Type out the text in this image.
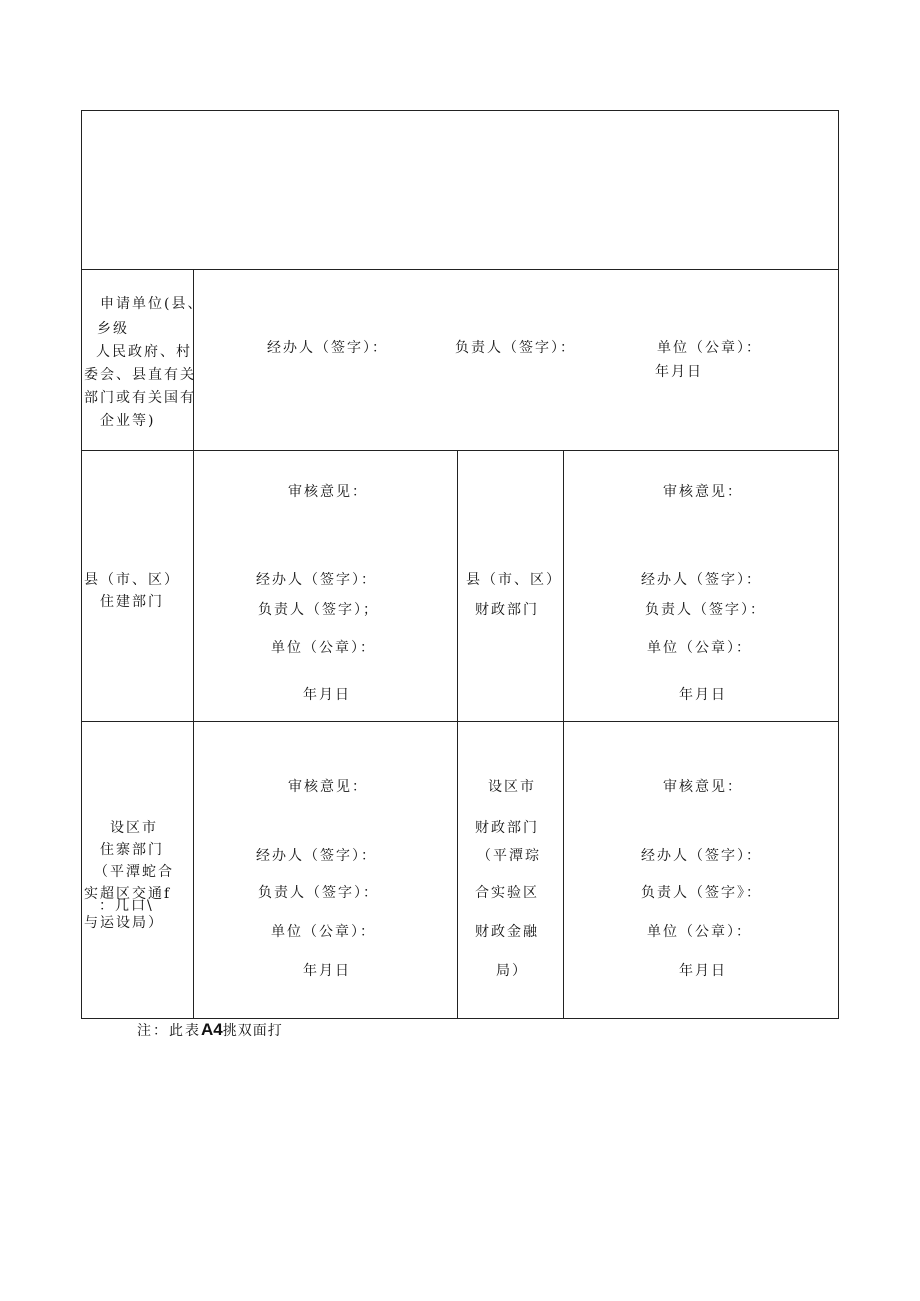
申请单位(县、
乡级
人民政府、村
委会、县直有关
部门或有关国有
企业等)
经办人（签字）：	负责人（签字）：	单位（公章）：
年月日
县（市、区）
住建部门
审核意见：
经办人（签字）：
负责人（签字）；
单位（公章）：
年月日
县（市、区）
财政部门
审核意见：
经办人（签字）：
负责人（签字）：
单位（公章）：
年月日
设区市
住寨部门
（平潭蛇合
实超区交通f
：几口\
与运设局）
审核意见：
经办人（签字）：
负责人（签字）：
单位（公章）：
年月日
设区市
财政部门
（平潭琮
合实验区
财政金融
局）
审核意见：
经办人（签字）：
负责人（签字》：
单位（公章）：
年月日
注：此表A4挑双面打
